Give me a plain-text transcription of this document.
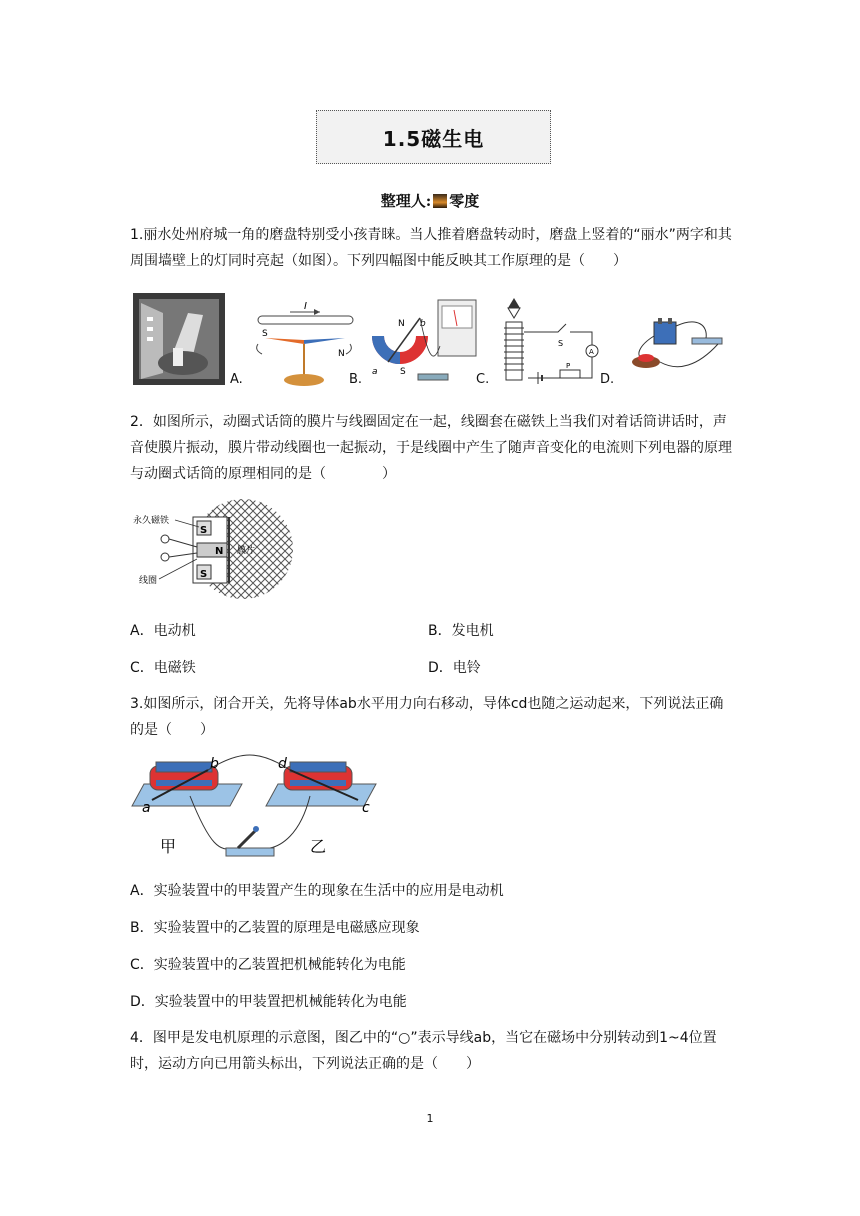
1.5磁生电
整理人: 零度
1.丽水处州府城一角的磨盘特别受小孩青睐。当人推着磨盘转动时，磨盘上竖着的“丽水”两字和其周围墙壁上的灯同时亮起（如图）。下列四幅图中能反映其工作原理的是（　　）
A.
I
S
N
B.
N
S
b
a	C.
S
A
P
D.
2．如图所示，动圈式话筒的膜片与线圈固定在一起，线圈套在磁铁上当我们对着话筒讲话时，声音使膜片振动，膜片带动线圈也一起振动，于是线圈中产生了随声音变化的电流则下列电器的原理与动圈式话筒的原理相同的是（　　　　）
S
N
S
永久磁铁
膜片
线圈
A．电动机	B．发电机
C．电磁铁	D．电铃
3.如图所示，闭合开关，先将导体ab水平用力向右移动，导体cd也随之运动起来，下列说法正确的是（　　）
b
a
d
c
甲	乙
A．实验装置中的甲装置产生的现象在生活中的应用是电动机
B．实验装置中的乙装置的原理是电磁感应现象
C．实验装置中的乙装置把机械能转化为电能
D．实验装置中的甲装置把机械能转化为电能
4．图甲是发电机原理的示意图，图乙中的“○”表示导线ab，当它在磁场中分别转动到1~4位置时，运动方向已用箭头标出，下列说法正确的是（　　）
1
